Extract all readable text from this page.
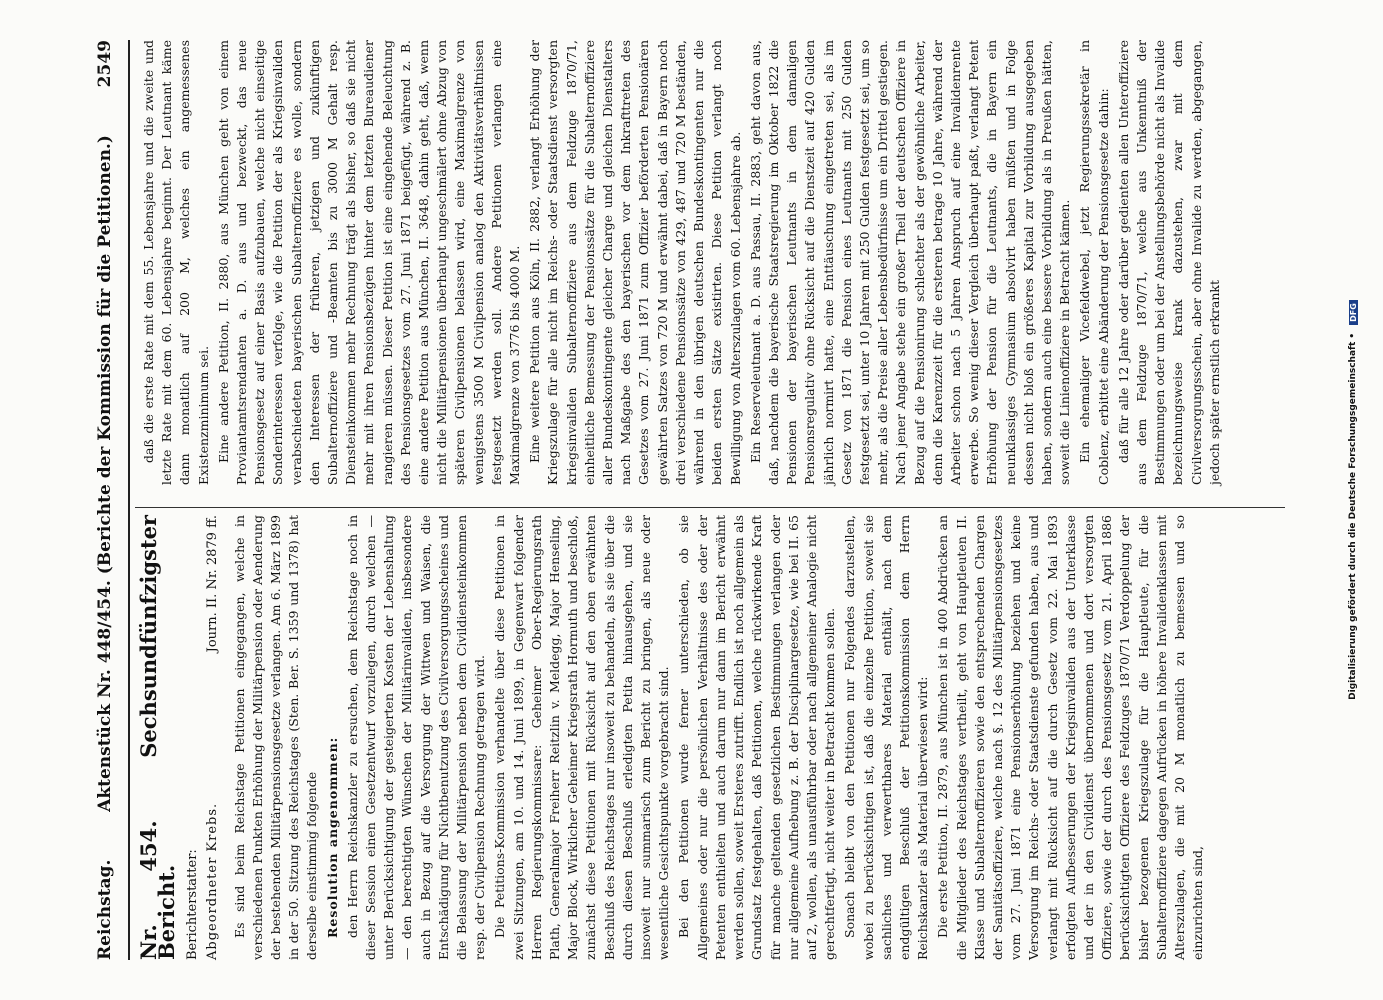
Reichstag.
Aktenstück Nr. 448/454. (Berichte der Kommission für die Petitionen.)
2549
Nr. 454. Sechsundfünfzigster Bericht. Berichterstatter: Abgeordneter Krebs.
Journ. II. Nr. 2879 ff. Es sind beim Reichstage Petitionen eingegangen, welche in verschiedenen Punkten Erhöhung der Militärpension oder Aenderung der bestehenden Militärpensionsgesetze verlangen. Am 6. März 1899 in der 50. Sitzung des Reichstages (Sten. Ber. S. 1359 und 1378) hat derselbe einstimmig folgende Resolution angenommen: den Herrn Reichskanzler zu ersuchen, dem Reichstage noch in dieser Session einen Gesetzentwurf vorzulegen, durch welchen — unter Berücksichtigung der gesteigerten Kosten der Lebenshaltung — den berechtigten Wünschen der Militärinvaliden, insbesondere auch in Bezug auf die Versorgung der Wittwen und Waisen, die Entschädigung für Nichtbenutzung des Civilversorgungsscheines und die Belassung der Militärpension neben dem Civildiensteinkommen resp. der Civilpension Rechnung getragen wird. Die Petitions-Kommission verhandelte über diese Petitionen in zwei Sitzungen, am 10. und 14. Juni 1899, in Gegenwart folgender Herren Regierungskommissare: Geheimer Ober-Regierungsrath Plath, Generalmajor Freiherr Reitzlin v. Meldegg, Major Henseling, Major Block, Wirklicher Geheimer Kriegsrath Hormuth und beschloß, zunächst diese Petitionen mit Rücksicht auf den oben erwähnten Beschluß des Reichstages nur insoweit zu behandeln, als sie über die durch diesen Beschluß erledigten Petita hinausgehen, und sie insoweit nur summarisch zum Bericht zu bringen, als neue oder wesentliche Gesichtspunkte vorgebracht sind. Bei den Petitionen wurde ferner unterschieden, ob sie Allgemeines oder nur die persönlichen Verhältnisse des oder der Petenten enthielten und auch darum nur dann im Bericht erwähnt werden sollen, soweit Ersteres zutrifft. Endlich ist noch allgemein als Grundsatz festgehalten, daß Petitionen, welche rückwirkende Kraft für manche geltenden gesetzlichen Bestimmungen verlangen oder nur allgemeine Aufhebung z. B. der Disciplinargesetze, wie bei II. 65 auf 2, wollen, als unausführbar oder nach allgemeiner Analogie nicht gerechtfertigt, nicht weiter in Betracht kommen sollen. Sonach bleibt von den Petitionen nur Folgendes darzustellen, wobei zu berücksichtigen ist, daß die einzelne Petition, soweit sie sachliches und verwerthbares Material enthält, nach dem endgültigen Beschluß der Petitionskommission dem Herrn Reichskanzler als Material überwiesen wird: Die erste Petition, II. 2879, aus München ist in 400 Abdrücken an die Mitglieder des Reichstages vertheilt, geht von Hauptleuten II. Klasse und Subalternoffizieren sowie den entsprechenden Chargen der Sanitätsoffiziere, welche nach §. 12 des Militärpensionsgesetzes vom 27. Juni 1871 eine Pensionserhöhung beziehen und keine Versorgung im Reichs- oder Staatsdienste gefunden haben, aus und verlangt mit Rücksicht auf die durch Gesetz vom 22. Mai 1893 erfolgten Aufbesserungen der Kriegsinvaliden aus der Unterklasse und der in den Civildienst übernommenen und dort versorgten Offiziere, sowie der durch des Pensionsgesetz vom 21. April 1886 berücksichtigten Offiziere des Feldzuges 1870/71 Verdoppelung der bisher bezogenen Kriegszulage für die Hauptleute, für die Subalternoffiziere dagegen Aufrücken in höhere Invalidenklassen mit Alterszulagen, die mit 20 M monatlich zu bemessen und so einzurichten sind,

daß die erste Rate mit dem 55. Lebensjahre und die zweite und letzte Rate mit dem 60. Lebensjahre beginnt. Der Leutnant käme dann monatlich auf 200 M, welches ein angemessenes Existenzminimum sei. Eine andere Petition, II. 2880, aus München geht von einem Proviantamtsrendanten a. D. aus und bezweckt, das neue Pensionsgesetz auf einer Basis aufzubauen, welche nicht einseitige Sonderinteressen verfolge, wie die Petition der als Kriegsinvaliden verabschiedeten bayerischen Subalternoffiziere es wolle, sondern den Interessen der früheren, jetzigen und zukünftigen Subalternoffiziere und -Beamten bis zu 3000 M Gehalt resp. Diensteinkommen mehr Rechnung trägt als bisher, so daß sie nicht mehr mit ihren Pensionsbezügen hinter dem letzten Bureaudiener rangieren müssen. Dieser Petition ist eine eingehende Beleuchtung des Pensionsgesetzes vom 27. Juni 1871 beigefügt, während z. B. eine andere Petition aus München, II. 3648, dahin geht, daß, wenn nicht die Militärpensionen überhaupt ungeschmälert ohne Abzug von späteren Civilpensionen belassen wird, eine Maximalgrenze von wenigstens 3500 M Civilpension analog den Aktivitätsverhältnissen festgesetzt werden soll. Andere Petitionen verlangen eine Maximalgrenze von 3776 bis 4000 M. Eine weitere Petition aus Köln, II. 2882, verlangt Erhöhung der Kriegszulage für alle nicht im Reichs- oder Staatsdienst versorgten kriegsinvaliden Subalternoffiziere aus dem Feldzuge 1870/71, einheitliche Bemessung der Pensionssätze für die Subalternoffiziere aller Bundeskontingente gleicher Charge und gleichen Dienstalters nach Maßgabe des den bayerischen vor dem Inkrafttreten des Gesetzes vom 27. Juni 1871 zum Offizier beförderten Pensionären gewährten Satzes von 720 M und erwähnt dabei, daß in Bayern noch drei verschiedene Pensionssätze von 429, 487 und 720 M beständen, während in den übrigen deutschen Bundeskontingenten nur die beiden ersten Sätze existirten. Diese Petition verlangt noch Bewilligung von Alterszulagen vom 60. Lebensjahre ab. Ein Reserveleutnant a. D. aus Passau, II. 2883, geht davon aus, daß, nachdem die bayerische Staatsregierung im Oktober 1822 die Pensionen der bayerischen Leutnants in dem damaligen Pensionsregulativ ohne Rücksicht auf die Dienstzeit auf 420 Gulden jährlich normirt hatte, eine Enttäuschung eingetreten sei, als im Gesetz von 1871 die Pension eines Leutnants mit 250 Gulden festgesetzt sei, unter 10 Jahren mit 250 Gulden festgesetzt sei, um so mehr, als die Preise aller Lebensbedürfnisse um ein Drittel gestiegen. Nach jener Angabe stehe ein großer Theil der deutschen Offiziere in Bezug auf die Pensionirung schlechter als der gewöhnliche Arbeiter, denn die Karenzzeit für die ersteren betrage 10 Jahre, während der Arbeiter schon nach 5 Jahren Anspruch auf eine Invalidenrente erwerbe. So wenig dieser Vergleich überhaupt paßt, verlangt Petent Erhöhung der Pension für die Leutnants, die in Bayern ein neunklassiges Gymnasium absolvirt haben müßten und in Folge dessen nicht bloß ein größeres Kapital zur Vorbildung ausgegeben haben, sondern auch eine bessere Vorbildung als in Preußen hätten, soweit die Linienoffiziere in Betracht kämen. Ein ehemaliger Vicefeldwebel, jetzt Regierungssekretär in Coblenz, erbittet eine Abänderung der Pensionsgesetze dahin: daß für alle 12 Jahre oder darüber gedienten allen Unteroffiziere aus dem Feldzuge 1870/71, welche aus Unkenntniß der Bestimmungen oder um bei der Anstellungsbehörde nicht als Invalide bezeichnungsweise krank dazustehen, zwar mit dem Civilversorgungsschein, aber ohne Invalide zu werden, abgegangen, jedoch später ernstlich erkrankt	Digitalisierung gefördert durch die Deutsche Forschungsgemeinschaft •
DFG
